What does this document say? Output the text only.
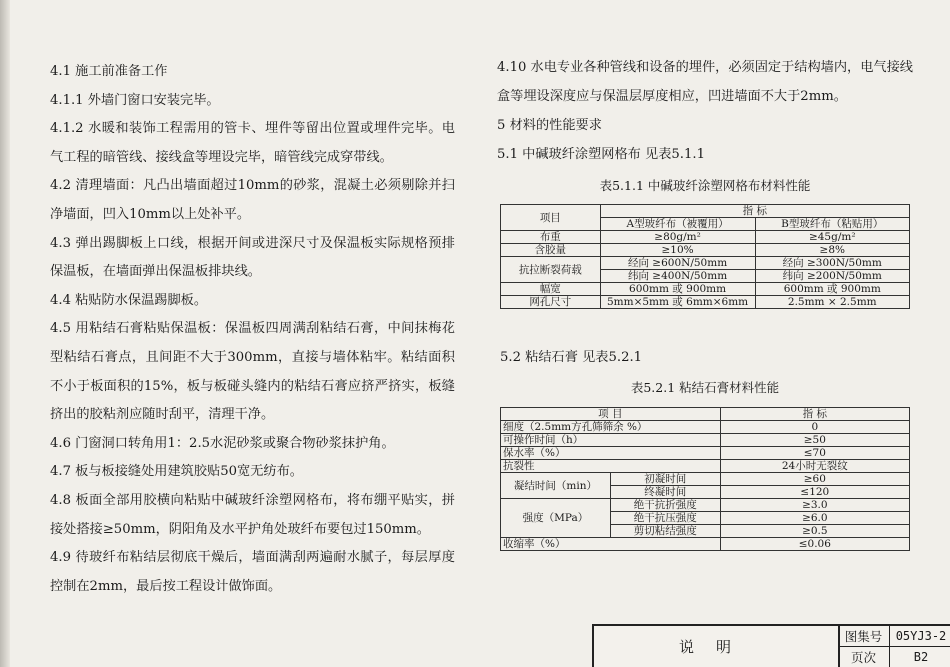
4.1 施工前准备工作

4.1.1 外墙门窗口安装完毕。

4.1.2 水暖和装饰工程需用的管卡、埋件等留出位置或埋件完毕。电气工程的暗管线、接线盒等埋设完毕，暗管线完成穿带线。

4.2 清理墙面：凡凸出墙面超过10mm的砂浆，混凝土必须剔除并扫净墙面，凹入10mm以上处补平。

4.3 弹出踢脚板上口线，根据开间或进深尺寸及保温板实际规格预排保温板，在墙面弹出保温板排块线。

4.4 粘贴防水保温踢脚板。

4.5 用粘结石膏粘贴保温板：保温板四周满刮粘结石膏，中间抹梅花型粘结石膏点，且间距不大于300mm，直接与墙体粘牢。粘结面积不小于板面积的15%，板与板碰头缝内的粘结石膏应挤严挤实，板缝挤出的胶粘剂应随时刮平，清理干净。

4.6 门窗洞口转角用1：2.5水泥砂浆或聚合物砂浆抹护角。

4.7 板与板接缝处用建筑胶贴50宽无纺布。

4.8 板面全部用胶横向粘贴中碱玻纤涂塑网格布，将布绷平贴实，拼接处搭接≥50mm，阴阳角及水平护角处玻纤布要包过150mm。

4.9 待玻纤布粘结层彻底干燥后，墙面满刮两遍耐水腻子，每层厚度控制在2mm，最后按工程设计做饰面。

4.10 水电专业各种管线和设备的埋件，必须固定于结构墙内，电气接线盒等埋设深度应与保温层厚度相应，凹进墙面不大于2mm。

5 材料的性能要求

5.1 中碱玻纤涂塑网格布 见表5.1.1

表5.1.1 中碱玻纤涂塑网格布材料性能
项目	指 标	
	A型玻纤布（被覆用）	B型玻纤布（粘贴用）
布重	≥80g/m²	≥45g/m²
含胶量	≥10%	≥8%
抗拉断裂荷载	经向 ≥600N/50mm	经向 ≥300N/50mm
	纬向 ≥400N/50mm	纬向 ≥200N/50mm
幅宽	600mm 或 900mm	600mm 或 900mm
网孔尺寸	5mm×5mm 或 6mm×6mm	2.5mm × 2.5mm
5.2 粘结石膏 见表5.2.1
表5.2.1 粘结石膏材料性能
项 目		指 标
细度（2.5mm方孔筛筛余 %）		0
可操作时间（h）		≥50
保水率（%）		≤70
抗裂性		24小时无裂纹
凝结时间（min）	初凝时间	≥60
	终凝时间	≤120
强度（MPa）	绝干抗折强度	≥3.0
	绝干抗压强度	≥6.0
	剪切粘结强度	≥0.5
收缩率（%）		≤0.06
说明
图集号	05YJ3-2
页次	B2
